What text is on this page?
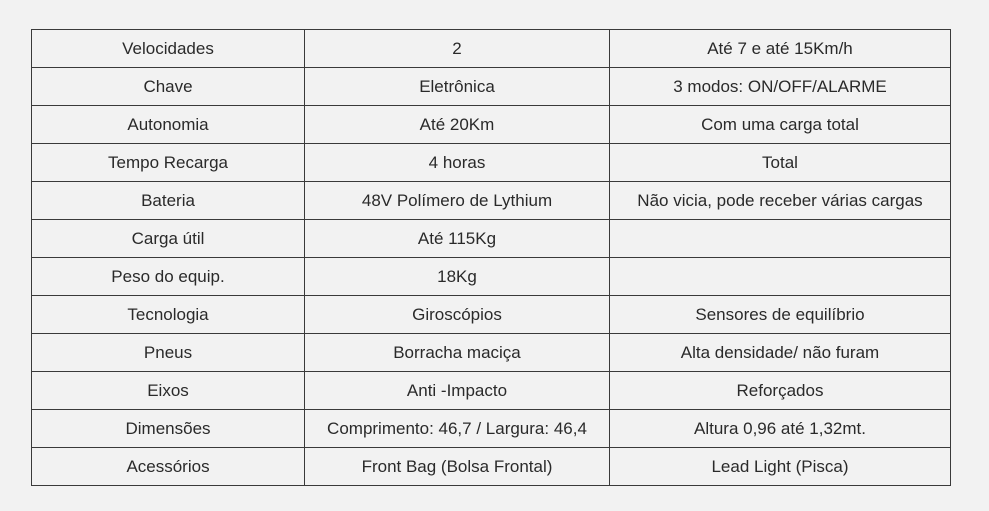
Velocidades	2	Até 7 e até 15Km/h
Chave	Eletrônica	3 modos: ON/OFF/ALARME
Autonomia	Até 20Km	Com uma carga total
Tempo Recarga	4 horas	Total
Bateria	48V Polímero de Lythium	Não vicia, pode receber várias cargas
Carga útil	Até 115Kg	
Peso do equip.	18Kg	
Tecnologia	Giroscópios	Sensores de equilíbrio
Pneus	Borracha maciça	Alta densidade/ não furam
Eixos	Anti -Impacto	Reforçados
Dimensões	Comprimento: 46,7 / Largura: 46,4	Altura 0,96 até 1,32mt.
Acessórios	Front Bag (Bolsa Frontal)	Lead Light (Pisca)
